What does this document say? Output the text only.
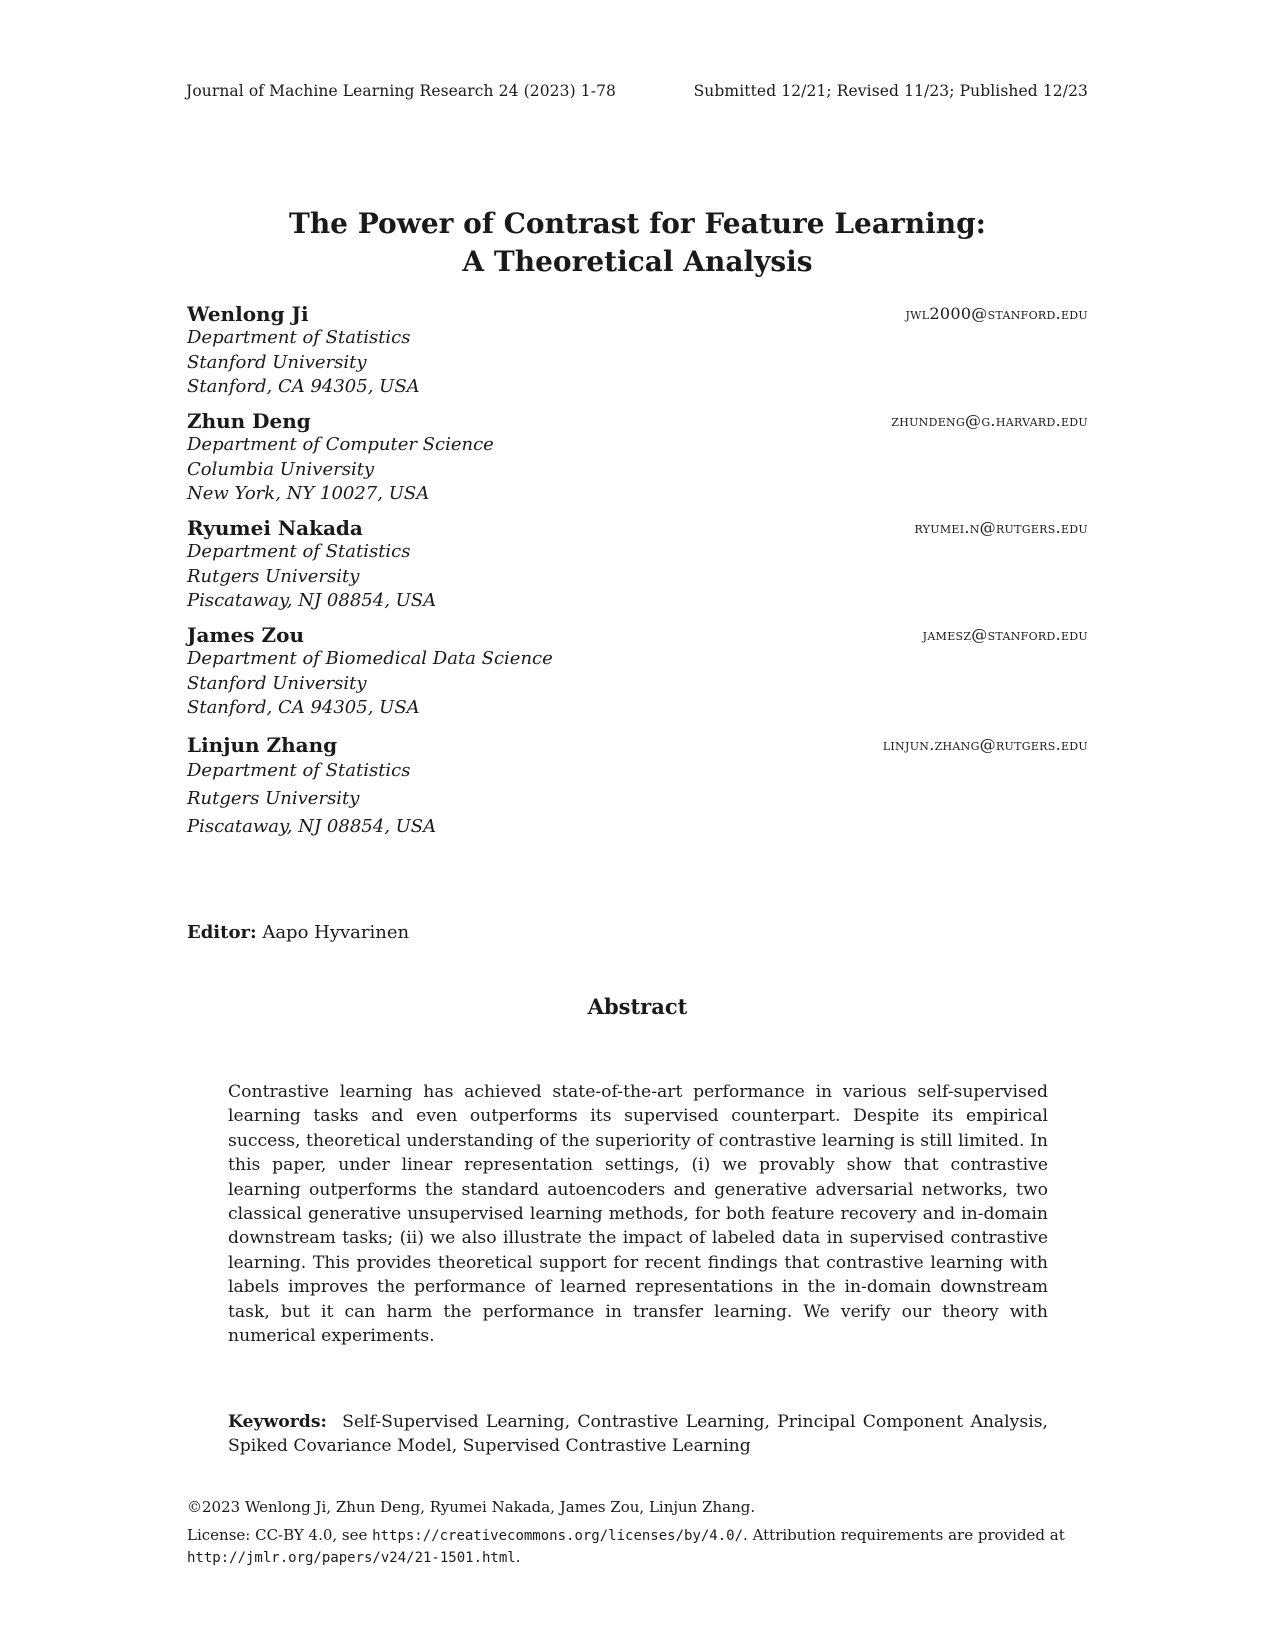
Journal of Machine Learning Research 24 (2023) 1-78	Submitted 12/21; Revised 11/23; Published 12/23
The Power of Contrast for Feature Learning:
A Theoretical Analysis
Wenlong Ji	jwl2000@stanford.edu
Department of Statistics
Stanford University
Stanford, CA 94305, USA
Zhun Deng	zhundeng@g.harvard.edu
Department of Computer Science
Columbia University
New York, NY 10027, USA
Ryumei Nakada	ryumei.n@rutgers.edu
Department of Statistics
Rutgers University
Piscataway, NJ 08854, USA
James Zou	jamesz@stanford.edu
Department of Biomedical Data Science
Stanford University
Stanford, CA 94305, USA
Linjun Zhang	linjun.zhang@rutgers.edu
Department of Statistics
Rutgers University
Piscataway, NJ 08854, USA
Editor: Aapo Hyvarinen
Abstract
Contrastive learning has achieved state-of-the-art performance in various self-supervised learning tasks and even outperforms its supervised counterpart. Despite its empirical success, theoretical understanding of the superiority of contrastive learning is still limited. In this paper, under linear representation settings, (i) we provably show that contrastive learning outperforms the standard autoencoders and generative adversarial networks, two classical generative unsupervised learning methods, for both feature recovery and in-domain downstream tasks; (ii) we also illustrate the impact of labeled data in supervised contrastive learning. This provides theoretical support for recent findings that contrastive learning with labels improves the performance of learned representations in the in-domain downstream task, but it can harm the performance in transfer learning. We verify our theory with numerical experiments.
Keywords: Self-Supervised Learning, Contrastive Learning, Principal Component Analysis, Spiked Covariance Model, Supervised Contrastive Learning
©2023 Wenlong Ji, Zhun Deng, Ryumei Nakada, James Zou, Linjun Zhang.
License: CC-BY 4.0, see https://creativecommons.org/licenses/by/4.0/. Attribution requirements are provided at http://jmlr.org/papers/v24/21-1501.html.
